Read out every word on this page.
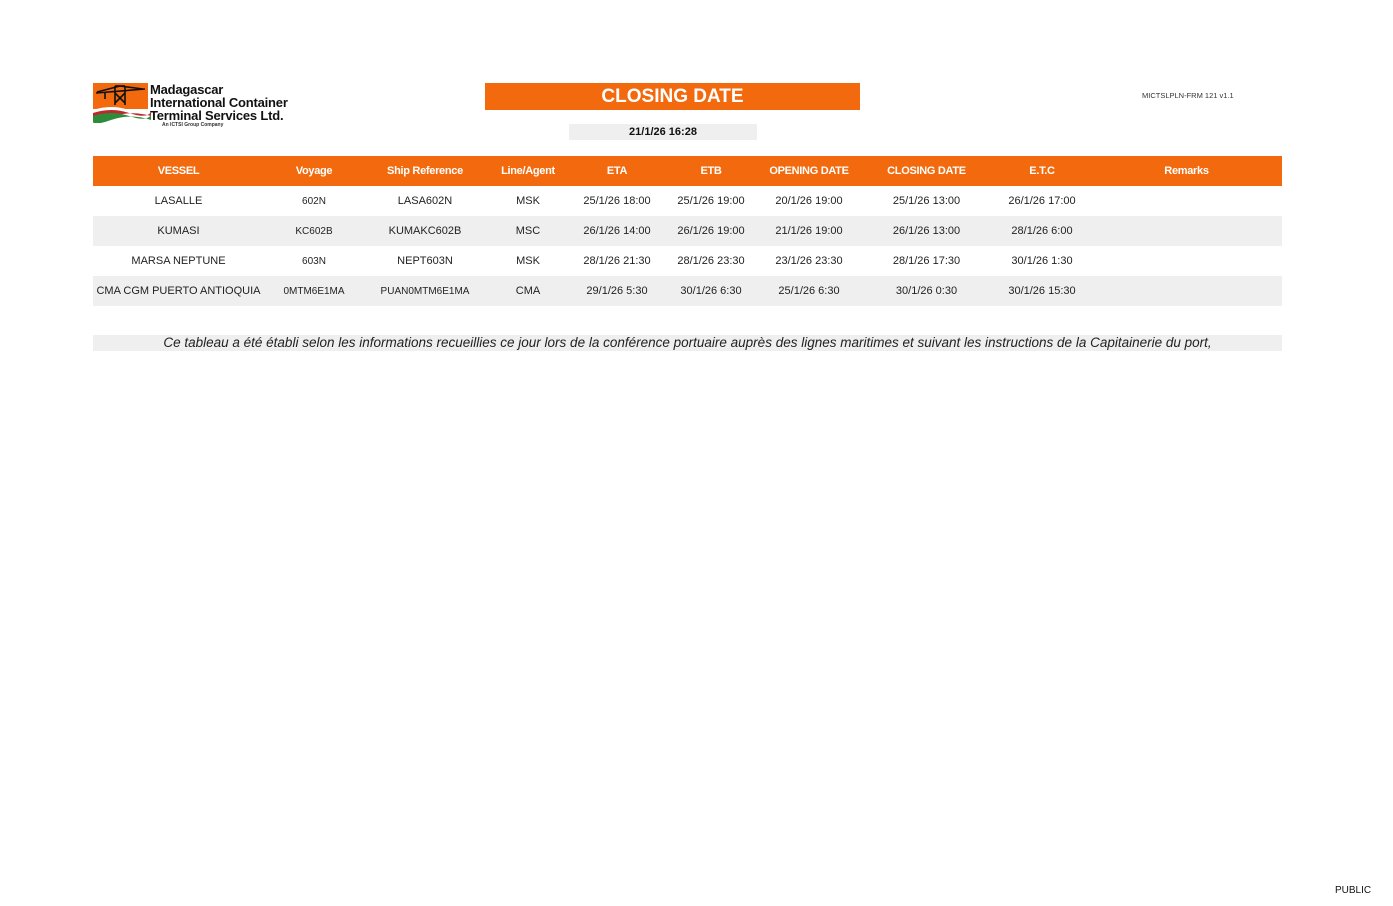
Madagascar
International Container
Terminal Services Ltd.
An ICTSI Group Company
CLOSING DATE
21/1/26 16:28
MICTSLPLN-FRM 121 v1.1
VESSEL	Voyage	Ship Reference	Line/Agent	ETA	ETB	OPENING DATE	CLOSING DATE	E.T.C	Remarks
LASALLE	602N	LASA602N	MSK	25/1/26 18:00	25/1/26 19:00	20/1/26 19:00	25/1/26 13:00	26/1/26 17:00	
KUMASI	KC602B	KUMAKC602B	MSC	26/1/26 14:00	26/1/26 19:00	21/1/26 19:00	26/1/26 13:00	28/1/26 6:00	
MARSA NEPTUNE	603N	NEPT603N	MSK	28/1/26 21:30	28/1/26 23:30	23/1/26 23:30	28/1/26 17:30	30/1/26 1:30	
CMA CGM PUERTO ANTIOQUIA	0MTM6E1MA	PUAN0MTM6E1MA	CMA	29/1/26 5:30	30/1/26 6:30	25/1/26 6:30	30/1/26 0:30	30/1/26 15:30	
Ce tableau a été établi selon les informations recueillies ce jour lors de la conférence portuaire auprès des lignes maritimes et suivant les instructions de la Capitainerie du port,
PUBLIC
